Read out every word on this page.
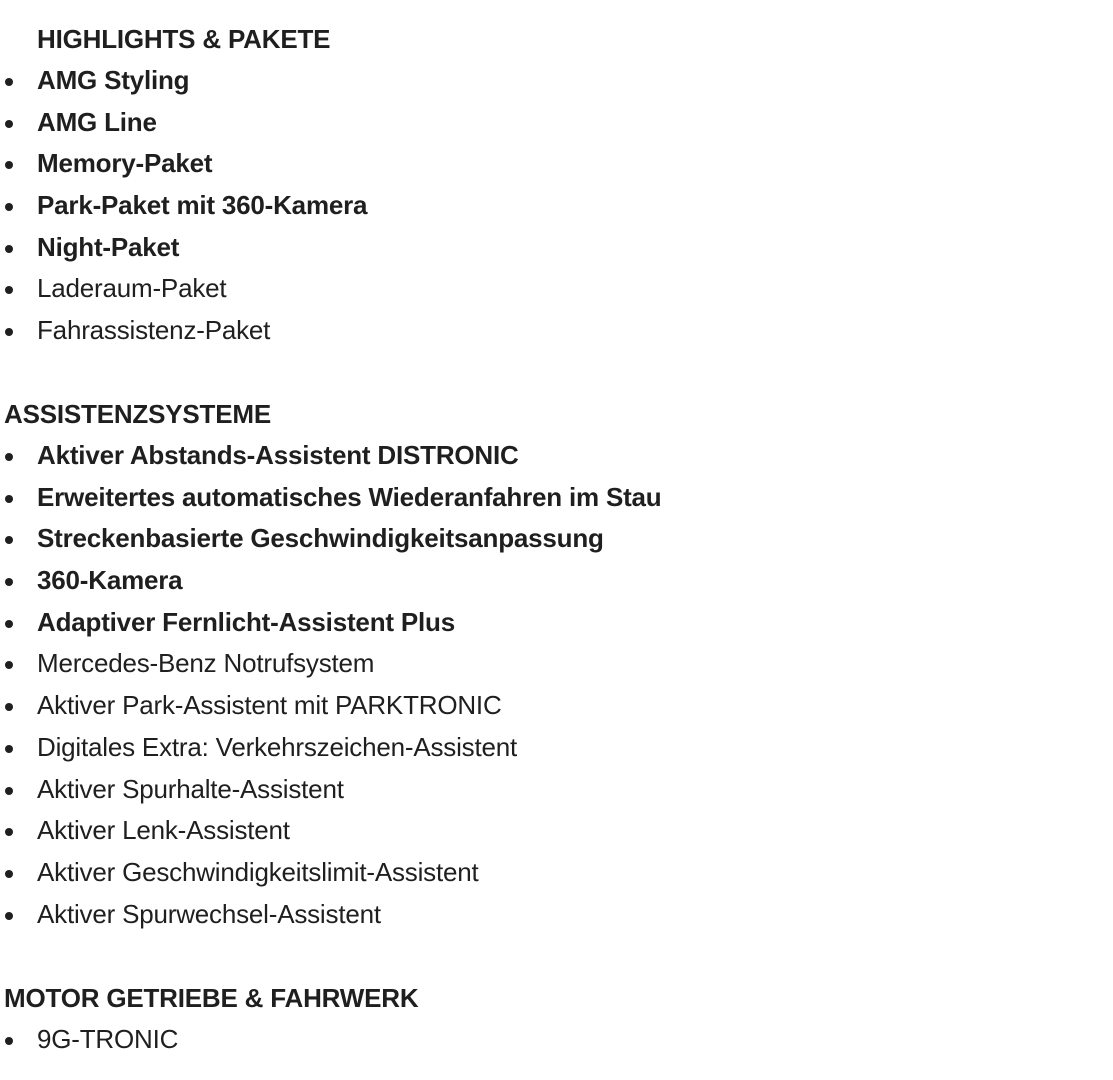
HIGHLIGHTS & PAKETE
AMG Styling
AMG Line
Memory-Paket
Park-Paket mit 360-Kamera
Night-Paket
Laderaum-Paket
Fahrassistenz-Paket
ASSISTENZSYSTEME
Aktiver Abstands-Assistent DISTRONIC
Erweitertes automatisches Wiederanfahren im Stau
Streckenbasierte Geschwindigkeitsanpassung
360-Kamera
Adaptiver Fernlicht-Assistent Plus
Mercedes-Benz Notrufsystem
Aktiver Park-Assistent mit PARKTRONIC
Digitales Extra: Verkehrszeichen-Assistent
Aktiver Spurhalte-Assistent
Aktiver Lenk-Assistent
Aktiver Geschwindigkeitslimit-Assistent
Aktiver Spurwechsel-Assistent
MOTOR GETRIEBE & FAHRWERK
9G-TRONIC
